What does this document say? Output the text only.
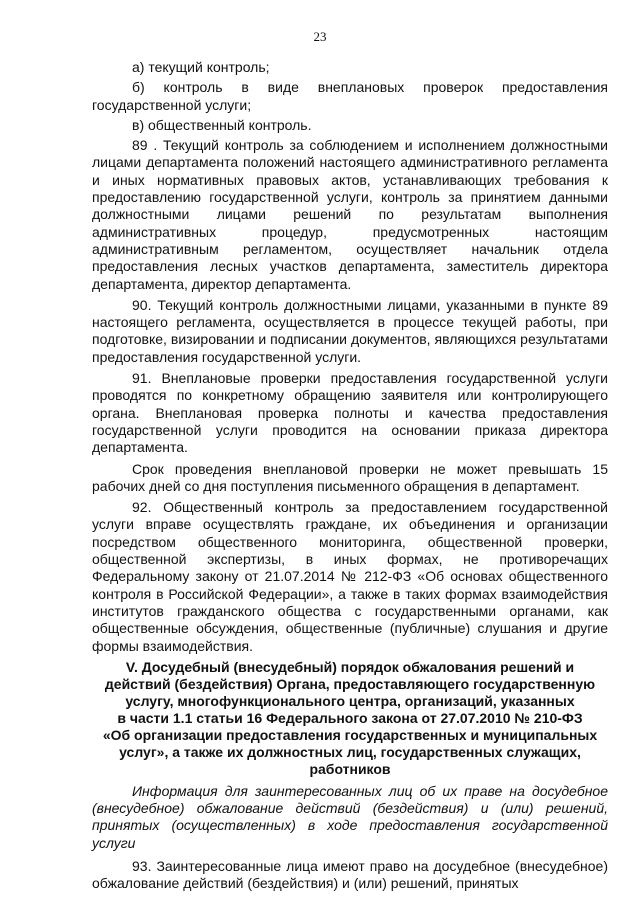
23

а) текущий контроль;

б) контроль в виде внеплановых проверок предоставления государственной услуги;

в) общественный контроль.

89 . Текущий контроль за соблюдением и исполнением должностными лицами департамента положений настоящего административного регламента и иных нормативных правовых актов, устанавливающих требования к предоставлению государственной услуги, контроль за принятием данными должностными лицами решений по результатам выполнения административных процедур, предусмотренных настоящим административным регламентом, осуществляет начальник отдела предоставления лесных участков департамента, заместитель директора департамента, директор департамента.

90. Текущий контроль должностными лицами, указанными в пункте 89 настоящего регламента, осуществляется в процессе текущей работы, при подготовке, визировании и подписании документов, являющихся результатами предоставления государственной услуги.

91. Внеплановые проверки предоставления государственной услуги проводятся по конкретному обращению заявителя или контролирующего органа. Внеплановая проверка полноты и качества предоставления государственной услуги проводится на основании приказа директора департамента.

Срок проведения внеплановой проверки не может превышать 15 рабочих дней со дня поступления письменного обращения в департамент.

92. Общественный контроль за предоставлением государственной услуги вправе осуществлять граждане, их объединения и организации посредством общественного мониторинга, общественной проверки, общественной экспертизы, в иных формах, не противоречащих Федеральному закону от 21.07.2014 № 212-ФЗ «Об основах общественного контроля в Российской Федерации», а также в таких формах взаимодействия институтов гражданского общества с государственными органами, как общественные обсуждения, общественные (публичные) слушания и другие формы взаимодействия.

V. Досудебный (внесудебный) порядок обжалования решений и
действий (бездействия) Органа, предоставляющего государственную
услугу, многофункционального центра, организаций, указанных
в части 1.1 статьи 16 Федерального закона от 27.07.2010 № 210-ФЗ
«Об организации предоставления государственных и муниципальных
услуг», а также их должностных лиц, государственных служащих,
работников

Информация для заинтересованных лиц об их праве на досудебное (внесудебное) обжалование действий (бездействия) и (или) решений, принятых (осуществленных) в ходе предоставления государственной услуги

93. Заинтересованные лица имеют право на досудебное (внесудебное) обжалование действий (бездействия) и (или) решений, принятых
